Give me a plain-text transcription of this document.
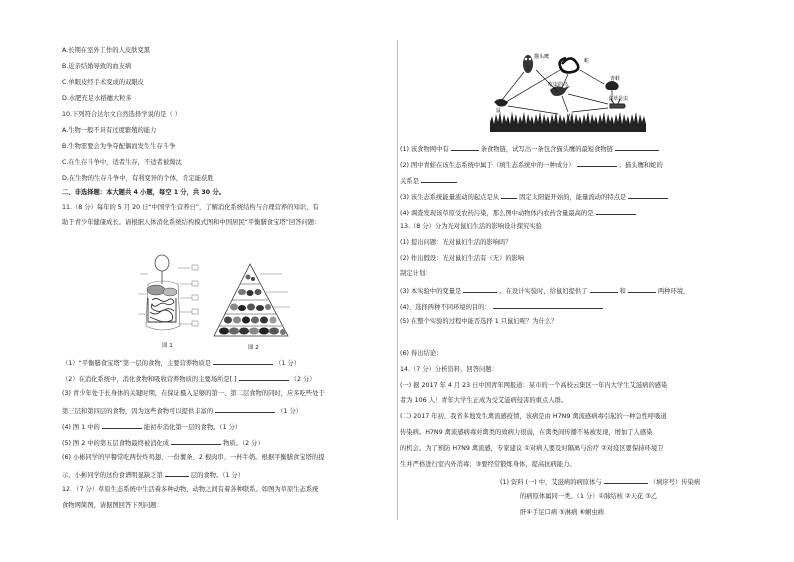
A.长期在室外工作的人皮肤变黑
B.近亲结婚导致的血友病
C.单眼皮经手术变成的双眼皮
D.水肥充足水稻穗大粒多
10.下列符合达尔文自然选择学说的是（ ）
A.生物一般不具有过度繁殖的能力
B.生物需要会为争夺配偶而发生生存斗争
C.在生存斗争中，适者生存，不适者被淘汰
D.在生物的生存斗争中，有利变异的个体，肯定能获胜
二、非选择题：本大题共 4 小题，每空 1 分，共 30 分。
11.（8 分）每年的 5 月 20 日“中国学生营养日”，了解消化系统结构与合理营养的知识，有
助于青少年健康成长。请根据人体消化系统结构模式图和中国居民“平衡膳食宝塔”回答问题：
图 1	图 2
（1）“平衡膳食宝塔”第一层的食物，主要营养物质是	（1 分）
（2）在消化系统中，消化食物和吸收营养物质的主要场所是[ ]	（2 分）
(3) 青少年处于长身体的关键时期，在保证摄入足够的第一、第二层食物的同时，应多吃些处于
第三层和第四层的食物，因为这些食物可以提供丰富的	（1 分）
(4) 图 1 中的	能初步消化第一层的食物。（1 分）
(5) 图 2 中的第五层食物最终被消化成	物质。（2 分）
(6) 小彬同学的早餐常吃两份炸鸡翅、一份薯条、2 根肉串、一杯牛奶。根据平衡膳食宝塔的提
示，小彬同学的这份食谱明显缺乏第	层的食物。（1 分）
12．（7 分）草原生态系统中生活着多种动物，动物之间有着各种联系。如图为草原生态系统
食物网简图，请据图回答下列问题：
猫头鹰
蛇
青蛙
吃虫的鸟
食草昆虫
鼠
草
(1) 该食物网中有	条食物链，试写出一条包含猫头鹰的最短食物链
(2) 图中青蛙在该生态系统中属于（填生态系统中的一种成分）	；猫头鹰和蛇的
关系是
(3) 该生态系统能量流动的起点是从	固定太阳能开始的，能量流动的特点是
(4) 调查发现该草原受农药污染，那么图中动物体内农药含量最高的是
13.（8 分）分为光对鼠妇生活的影响设计探究实验
(1) 提出问题：光对鼠妇生活的影响吗？
(2) 作出假设：光对鼠妇生活有（无）的影响
制定计划：
(3) 本实验中的变量是	。在设计实验时，给鼠妇提供了	和	两种环境，
(4)、选择两种不同环境的目的：
(5) 在整个实验的过程中能否选择 1 只鼠妇呢？为什么？
(6) 得出结论：
14.（7 分）分析资料，回答问题：
(一) 据 2017 年 4 月 23 日中国青年网报道：某市的一个高校云集区一年内大学生艾滋病的感染
者为 106 人！青年大学生正成为受艾滋病侵害的重点人群。
(二) 2017 年初，我省多地发生禽流感疫情，该病是由 H7N9 禽流感病毒引起的一种急性呼吸道
传染病。H7N9 禽流感病毒对禽类的致病力很弱，在禽类间传播不易被发现，增加了人感染
的机会。为了预防 H7N9 禽流感，专家建议 ①对病人要及时隔离与治疗 ②对疫区要保持环境卫
生并严格进行室内外消毒；③要经常锻炼身体，提高抗病能力。
(1) 资料 (一) 中，艾滋病的病原体与	（填序号）传染病
的病原体属同一类。（1 分）①肺结核 ②天花 ③乙
肝④手足口病 ⑤淋病 ⑥蛔虫病
